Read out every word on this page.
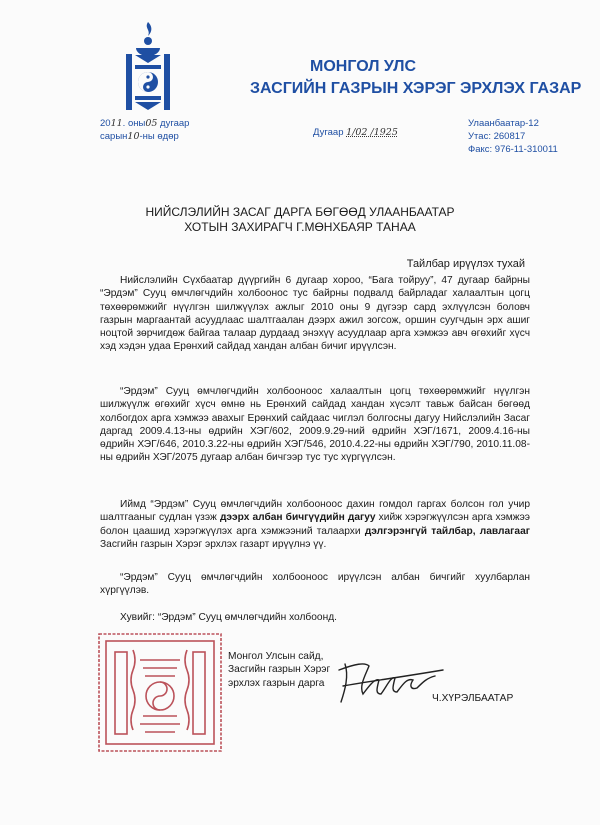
МОНГОЛ УЛС
ЗАСГИЙН ГАЗРЫН ХЭРЭГ ЭРХЛЭХ ГАЗАР
2011. оны05 дугаар
сарын10-ны өдөр	Дугаар 1/02 /1925
Улаанбаатар-12
Утас: 260817
Факс: 976-11-310011
НИЙСЛЭЛИЙН ЗАСАГ ДАРГА БӨГӨӨД УЛААНБААТАР
ХОТЫН ЗАХИРАГЧ Г.МӨНХБАЯР ТАНАА
Тайлбар ирүүлэх тухай
Нийслэлийн Сүхбаатар дүүргийн 6 дугаар хороо, “Бага тойруу”, 47 дугаар байрны “Эрдэм” Сууц өмчлөгчдийн холбоонос тус байрны подвалд байрладаг халаалтын цогц төхөөрөмжийг нүүлгэн шилжүүлэх ажлыг 2010 оны 9 дүгээр сард эхлүүлсэн боловч газрын маргаантай асуудлаас шалтгаалан дээрх ажил зогсож, оршин суугчдын эрх ашиг ноцтой зөрчигдөж байгаа талаар дурдаад энэхүү асуудлаар арга хэмжээ авч өгөхийг хүсч хэд хэдэн удаа Ерөнхий сайдад хандан албан бичиг ирүүлсэн.
“Эрдэм” Сууц өмчлөгчдийн холбооноос халаалтын цогц төхөөрөмжийг нүүлгэн шилжүүлж өгөхийг хүсч өмнө нь Ерөнхий сайдад хандан хүсэлт тавьж байсан бөгөөд холбогдох арга хэмжээ авахыг Ерөнхий сайдаас чиглэл болгосны дагуу Нийслэлийн Засаг даргад 2009.4.13-ны өдрийн ХЭГ/602, 2009.9.29-ний өдрийн ХЭГ/1671, 2009.4.16-ны өдрийн ХЭГ/646, 2010.3.22-ны өдрийн ХЭГ/546, 2010.4.22-ны өдрийн ХЭГ/790, 2010.11.08-ны өдрийн ХЭГ/2075 дугаар албан бичгээр тус тус хүргүүлсэн.
Иймд “Эрдэм” Сууц өмчлөгчдийн холбооноос дахин гомдол гаргах болсон гол учир шалтгааныг судлан үзэж дээрх албан бичгүүдийн дагуу хийж хэрэгжүүлсэн арга хэмжээ болон цаашид хэрэгжүүлэх арга хэмжээний талаархи дэлгэрэнгүй тайлбар, лавлагааг Засгийн газрын Хэрэг эрхлэх газарт ирүүлнэ үү.
“Эрдэм” Сууц өмчлөгчдийн холбооноос ирүүлсэн албан бичгийг хуулбарлан хүргүүлэв.
Хувийг: “Эрдэм” Сууц өмчлөгчдийн холбоонд.
Монгол Улсын сайд,
Засгийн газрын Хэрэг
эрхлэх газрын дарга
Ч.ХҮРЭЛБААТАР
